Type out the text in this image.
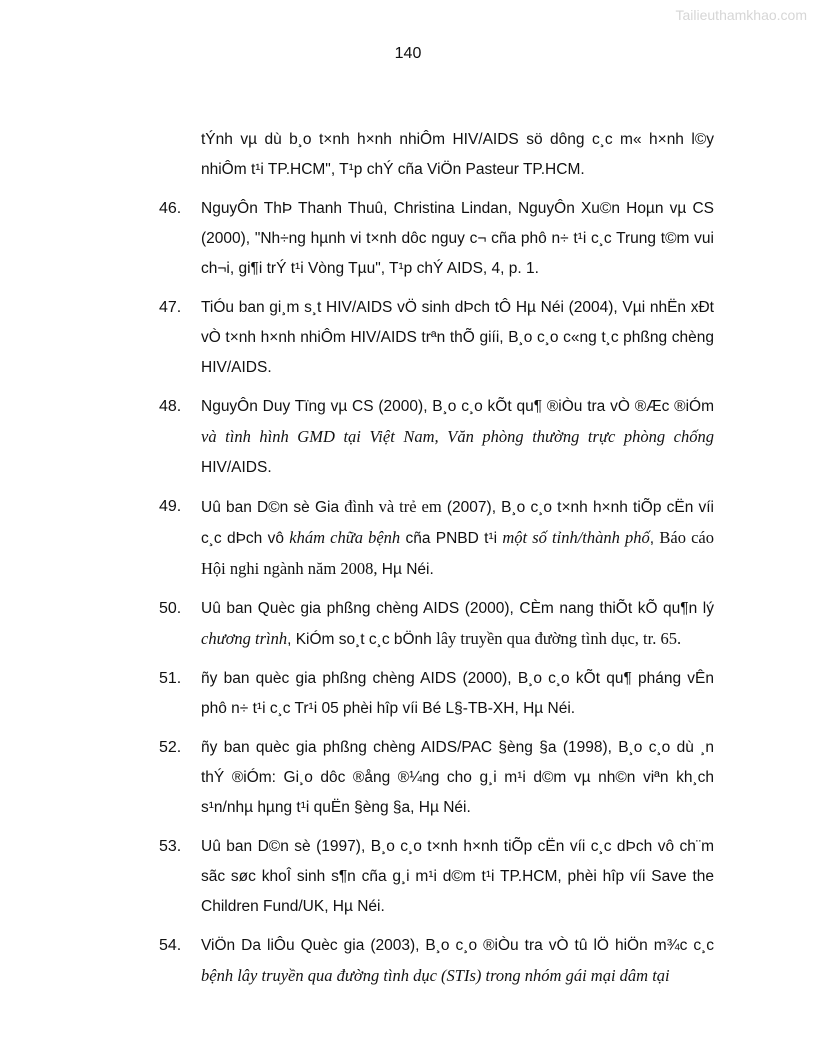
Tailieuthamkhao.com
140
tÝnh vµ dù b¸o t×nh h×nh nhiÔm HIV/AIDS sö dông c¸c m« h×nh l©y nhiÔm t¹i TP.HCM", T¹p chÝ cña ViÖn Pasteur TP.HCM.
46.	NguyÔn ThÞ Thanh Thuû, Christina Lindan, NguyÔn Xu©n Hoµn vµ CS (2000), "Nh÷ng hµnh vi t×nh dôc nguy c¬ cña phô n÷ t¹i c¸c Trung t©m vui ch¬i, gi¶i trÝ t¹i Vòng Tµu", T¹p chÝ AIDS, 4, p. 1.
47.	TiÓu ban gi¸m s¸t HIV/AIDS vÖ sinh dÞch tÔ Hµ Néi (2004), Vµi nhËn xÐt vÒ t×nh h×nh nhiÔm HIV/AIDS trªn thÕ giíi, B¸o c¸o c«ng t¸c phßng chèng HIV/AIDS.
48.	NguyÔn Duy Tïng vµ CS (2000), B¸o c¸o kÕt qu¶ ®iÒu tra vÒ ®Æc ®iÓm và tình hình GMD tại Việt Nam, Văn phòng thường trực phòng chống HIV/AIDS.
49.	Uû ban D©n sè Gia đình và trẻ em (2007), B¸o c¸o t×nh h×nh tiÕp cËn víi c¸c dÞch vô khám chữa bệnh cña PNBD t¹i một số tỉnh/thành phố, Báo cáo Hội nghi ngành năm 2008, Hµ Néi.
50.	Uû ban Quèc gia phßng chèng AIDS (2000), CÈm nang thiÕt kÕ qu¶n lý chương trình, KiÓm so¸t c¸c bÖnh lây truyền qua đường tình dục, tr. 65.
51.	ñy ban quèc gia phßng chèng AIDS (2000), B¸o c¸o kÕt qu¶ pháng vÊn phô n÷ t¹i c¸c Tr¹i 05 phèi hîp víi Bé L§-TB-XH, Hµ Néi.
52.	ñy ban quèc gia phßng chèng AIDS/PAC §èng §a (1998), B¸o c¸o dù ¸n thÝ ®iÓm: Gi¸o dôc ®ång ®¼ng cho g¸i m¹i d©m vµ nh©n viªn kh¸ch s¹n/nhµ hµng t¹i quËn §èng §a, Hµ Néi.
53.	Uû ban D©n sè (1997), B¸o c¸o t×nh h×nh tiÕp cËn víi c¸c dÞch vô ch¨m sãc søc khoÎ sinh s¶n cña g¸i m¹i d©m t¹i TP.HCM, phèi hîp víi Save the Children Fund/UK, Hµ Néi.
54.	ViÖn Da liÔu Quèc gia (2003), B¸o c¸o ®iÒu tra vÒ tû lÖ hiÖn m¾c c¸c bệnh lây truyền qua đường tình dục (STIs) trong nhóm gái mại dâm tại
